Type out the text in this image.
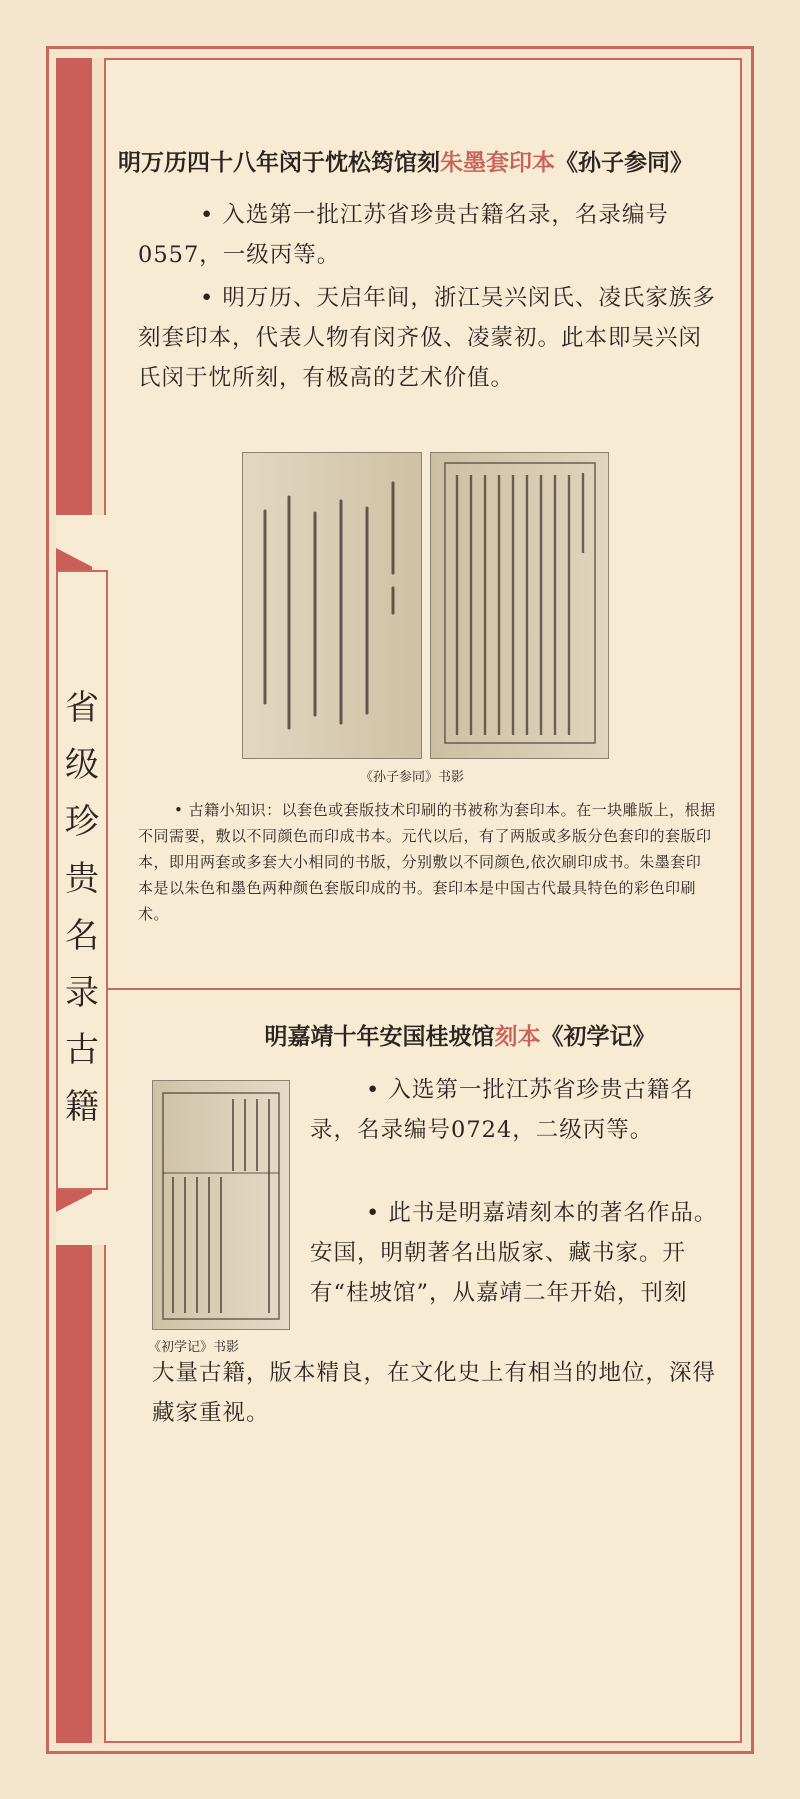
省级珍贵名录古籍
明万历四十八年闵于忱松筠馆刻朱墨套印本《孙子参同》
• 入选第一批江苏省珍贵古籍名录，名录编号0557，一级丙等。
• 明万历、天启年间，浙江吴兴闵氏、凌氏家族多刻套印本，代表人物有闵齐伋、凌蒙初。此本即吴兴闵氏闵于忱所刻，有极高的艺术价值。
《孙子参同》书影
• 古籍小知识：以套色或套版技术印刷的书被称为套印本。在一块雕版上，根据不同需要，敷以不同颜色而印成书本。元代以后，有了两版或多版分色套印的套版印本，即用两套或多套大小相同的书版，分别敷以不同颜色,依次刷印成书。朱墨套印本是以朱色和墨色两种颜色套版印成的书。套印本是中国古代最具特色的彩色印刷术。
明嘉靖十年安国桂坡馆刻本《初学记》
《初学记》书影
• 入选第一批江苏省珍贵古籍名录，名录编号0724，二级丙等。
• 此书是明嘉靖刻本的著名作品。安国，明朝著名出版家、藏书家。开有“桂坡馆”，从嘉靖二年开始，刊刻
大量古籍，版本精良，在文化史上有相当的地位，深得藏家重视。
